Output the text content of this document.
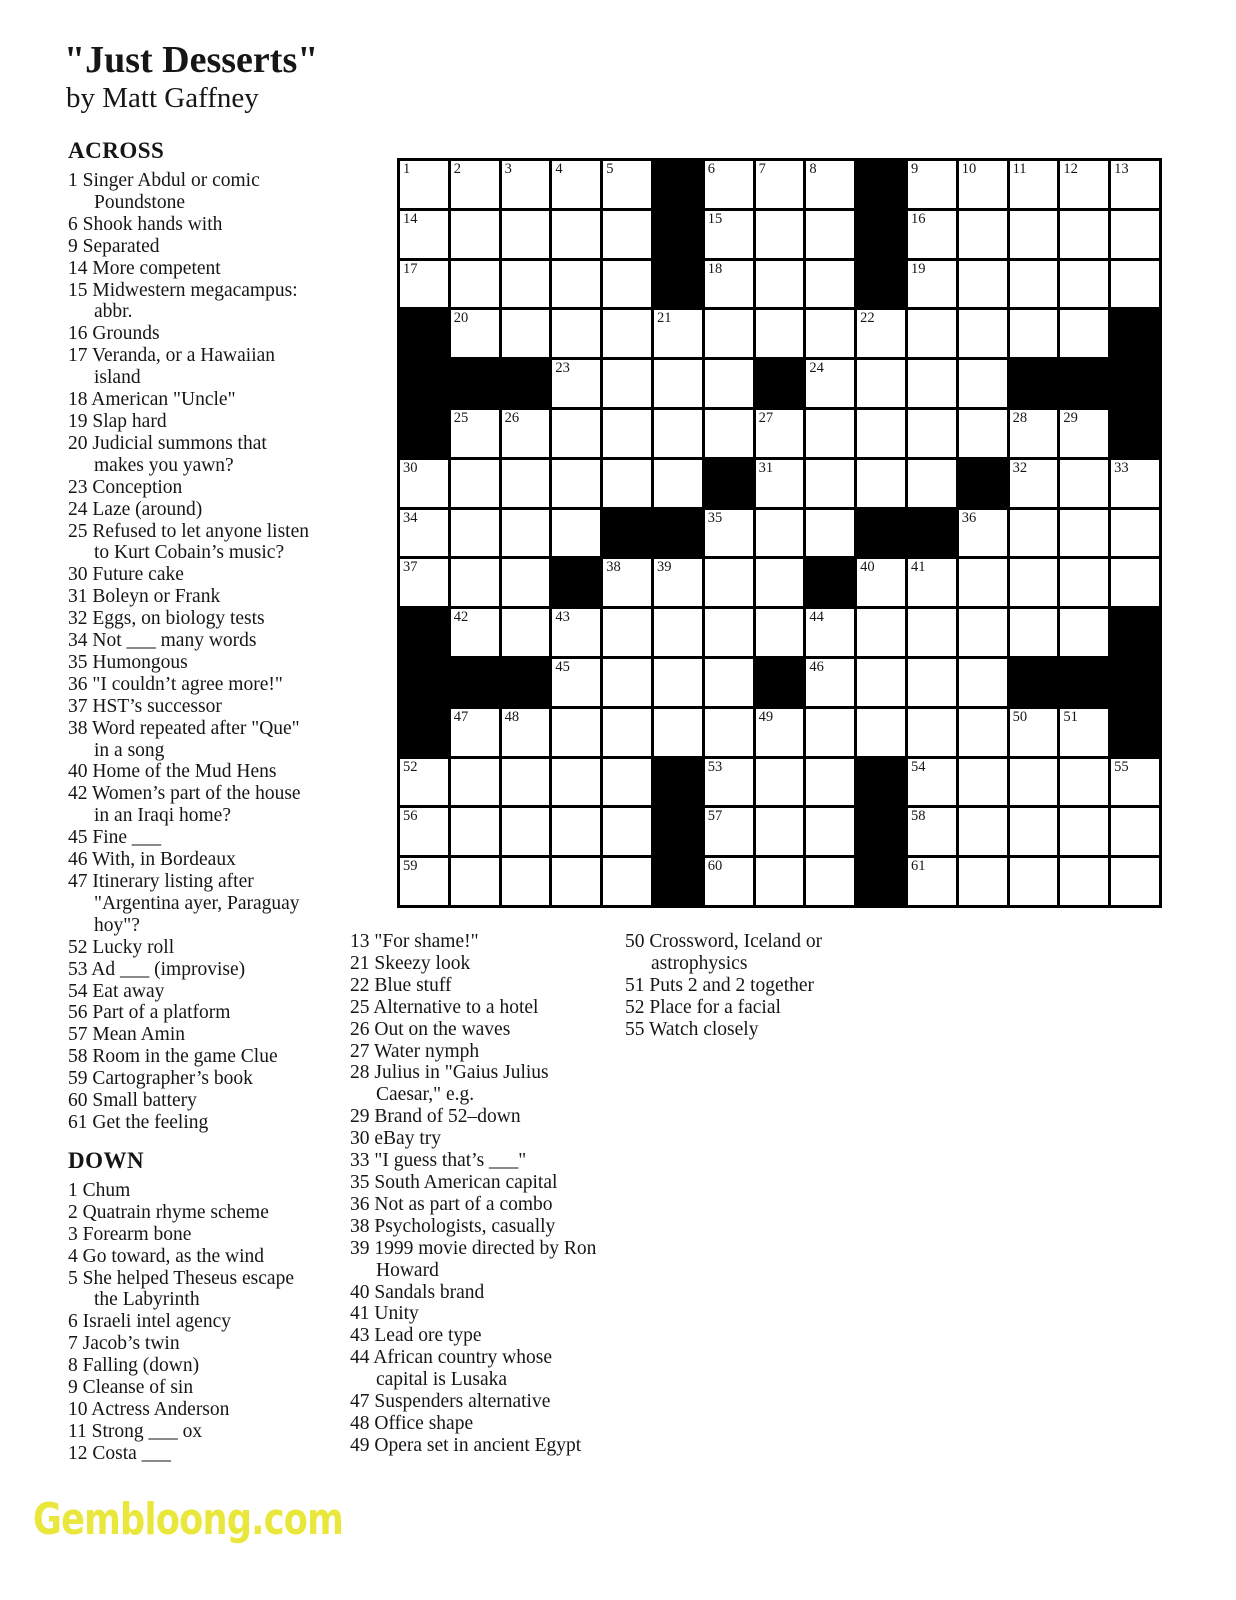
"Just Desserts"
by Matt Gaffney
ACROSS
1 Singer Abdul or comic Poundstone
6 Shook hands with
9 Separated
14 More competent
15 Midwestern megacampus: abbr.
16 Grounds
17 Veranda, or a Hawaiian island
18 American "Uncle"
19 Slap hard
20 Judicial summons that makes you yawn?
23 Conception
24 Laze (around)
25 Refused to let anyone listen to Kurt Cobain’s music?
30 Future cake
31 Boleyn or Frank
32 Eggs, on biology tests
34 Not ___ many words
35 Humongous
36 "I couldn’t agree more!"
37 HST’s successor
38 Word repeated after "Que" in a song
40 Home of the Mud Hens
42 Women’s part of the house in an Iraqi home?
45 Fine ___
46 With, in Bordeaux
47 Itinerary listing after "Argentina ayer, Paraguay hoy"?
52 Lucky roll
53 Ad ___ (improvise)
54 Eat away
56 Part of a platform
57 Mean Amin
58 Room in the game Clue
59 Cartographer’s book
60 Small battery
61 Get the feeling
DOWN
1 Chum
2 Quatrain rhyme scheme
3 Forearm bone
4 Go toward, as the wind
5 She helped Theseus escape the Labyrinth
6 Israeli intel agency
7 Jacob’s twin
8 Falling (down)
9 Cleanse of sin
10 Actress Anderson
11 Strong ___ ox
12 Costa ___
13 "For shame!"
21 Skeezy look
22 Blue stuff
25 Alternative to a hotel
26 Out on the waves
27 Water nymph
28 Julius in "Gaius Julius Caesar," e.g.
29 Brand of 52–down
30 eBay try
33 "I guess that’s ___"
35 South American capital
36 Not as part of a combo
38 Psychologists, casually
39 1999 movie directed by Ron Howard
40 Sandals brand
41 Unity
43 Lead ore type
44 African country whose capital is Lusaka
47 Suspenders alternative
48 Office shape
49 Opera set in ancient Egypt
50 Crossword, Iceland or astrophysics
51 Puts 2 and 2 together
52 Place for a facial
55 Watch closely
1	2	3	4	5	6	7	8	9	10	11	12	13
14	15	16
17	18	19
20	21	22
23	24
25	26	27	28	29
30	31	32	33
34	35	36
37	38	39	40	41
42	43	44
45	46
47	48	49	50	51
52	53	54	55
56	57	58
59	60	61
Gembloong.com
